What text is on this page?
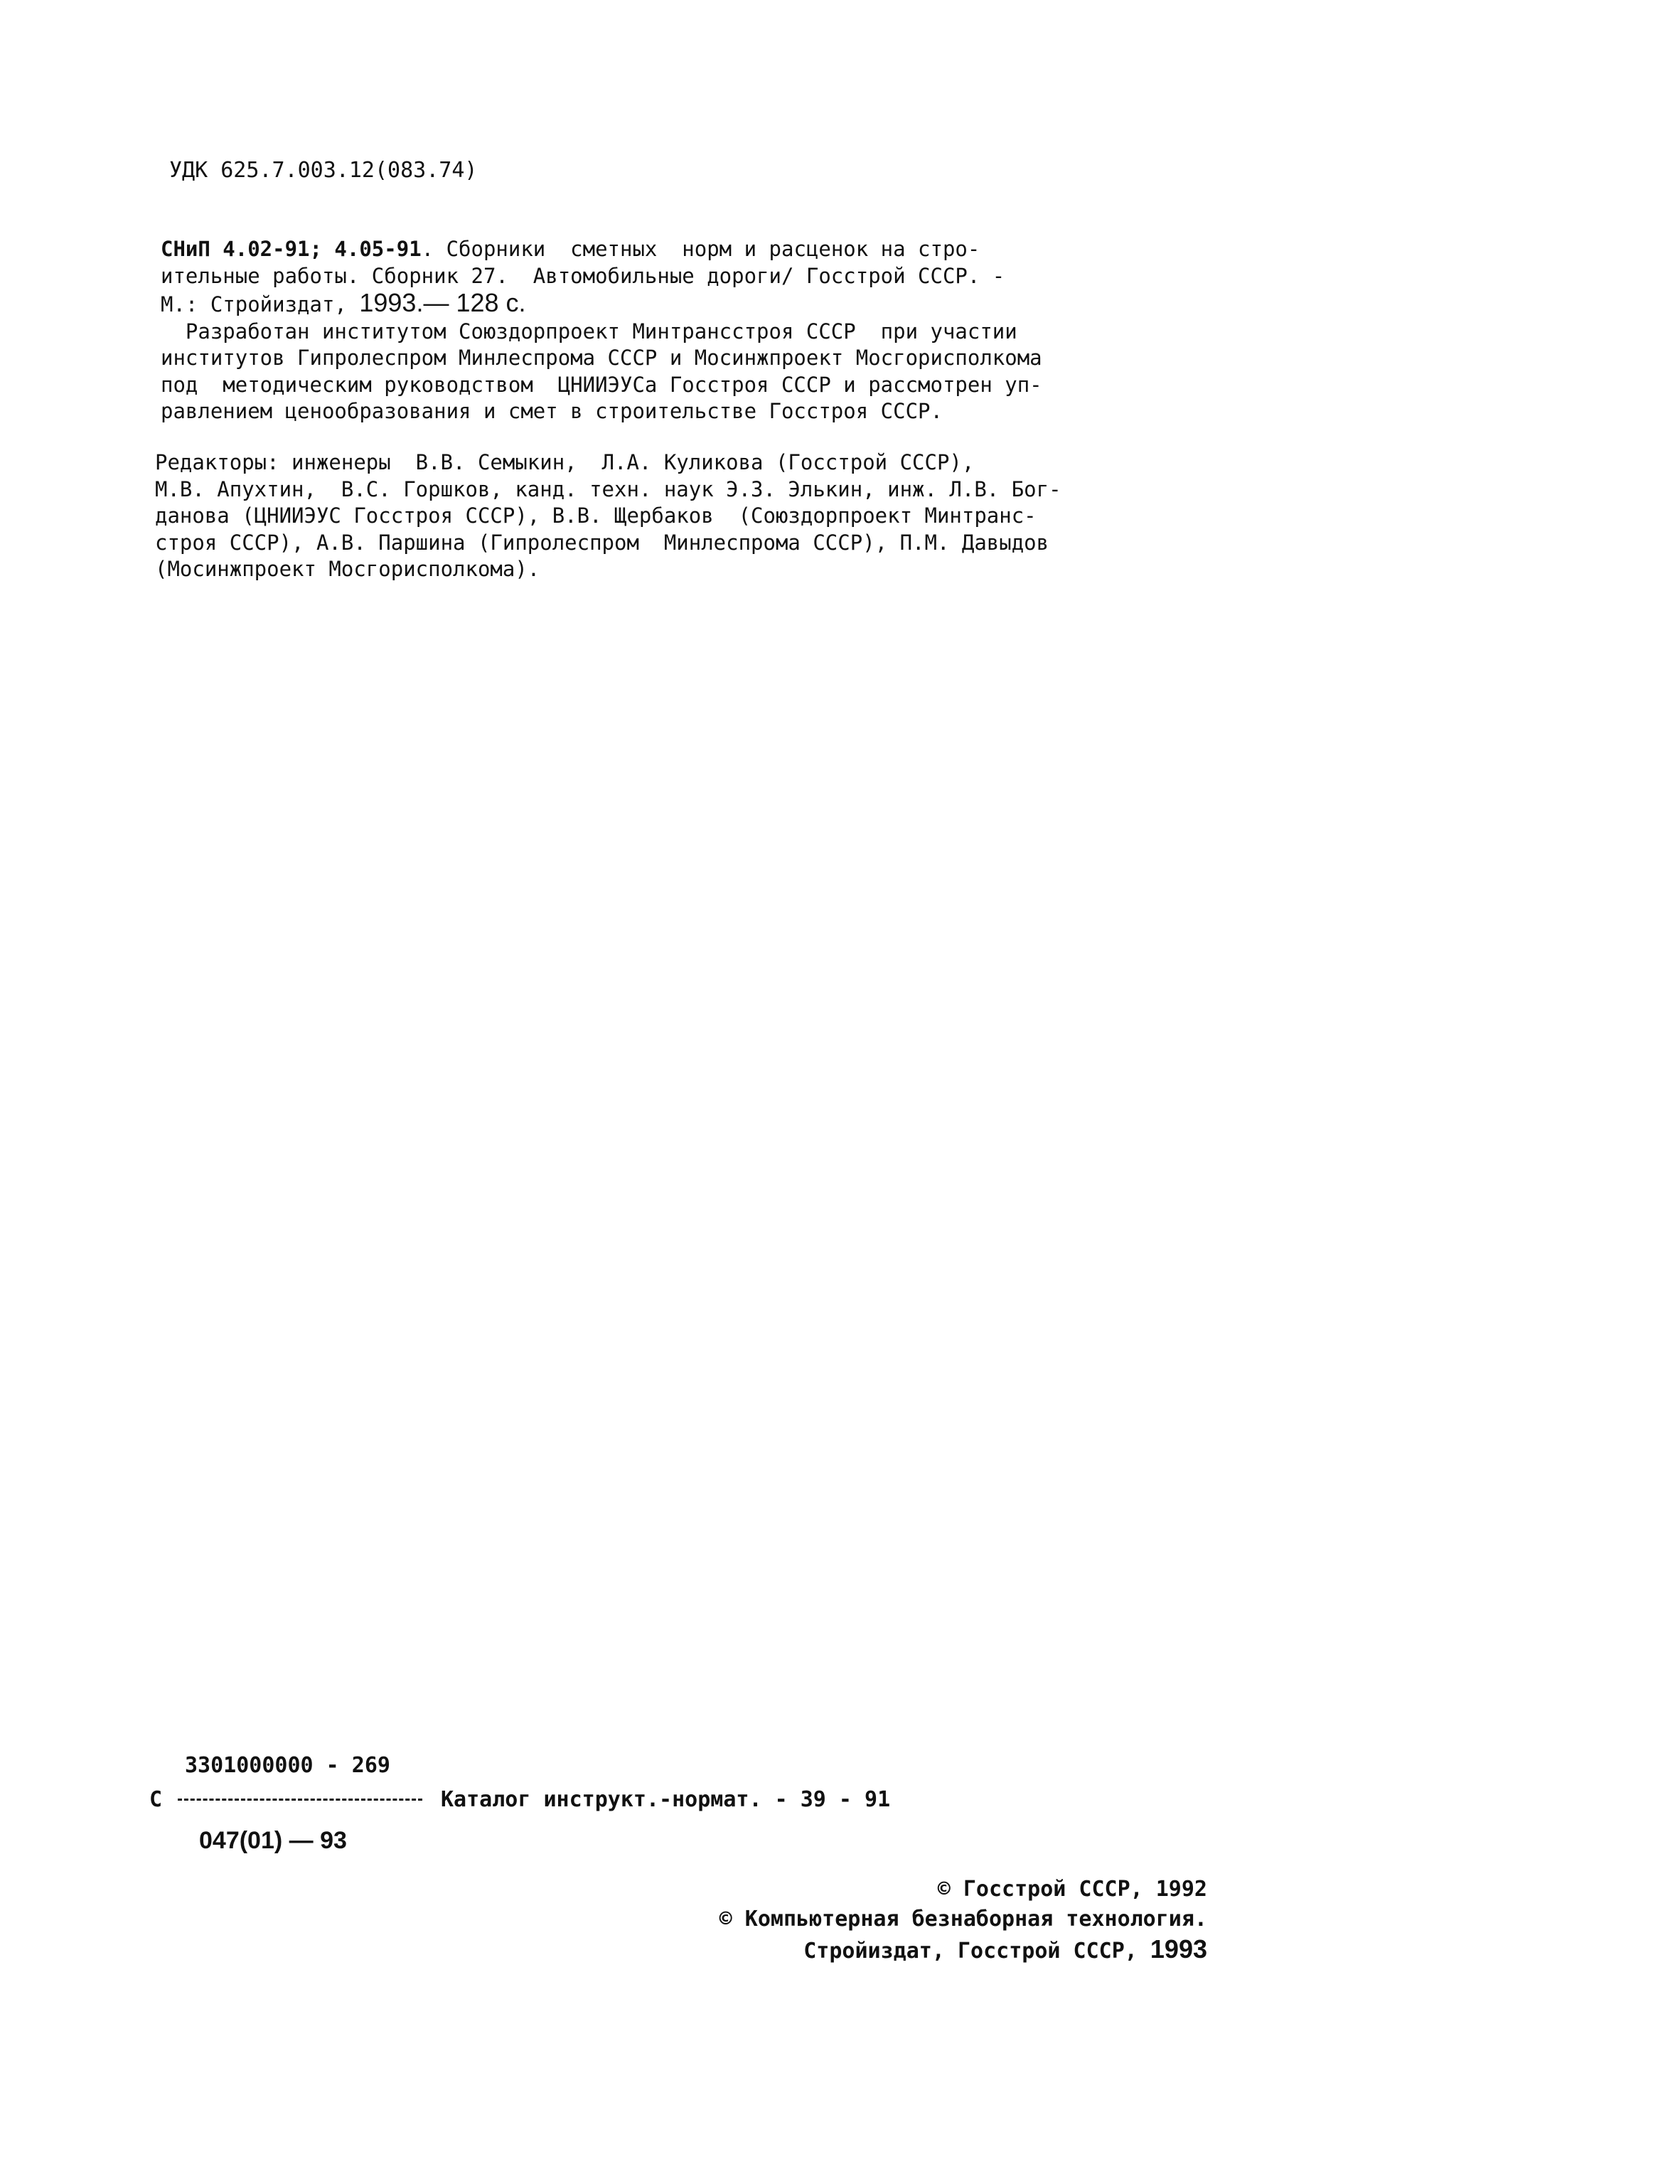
УДК 625.7.003.12(083.74)
СНиП 4.02-91; 4.05-91. Сборники  сметных  норм и расценок на стро-
ительные работы. Сборник 27.  Автомобильные дороги/ Госстрой СССР. -
М.: Стройиздат, 1993.— 128 с.
Разработан институтом Союздорпроект Минтрансстроя СССР  при участии
институтов Гипролеспром Минлеспрома СССР и Мосинжпроект Мосгорисполкома
под  методическим руководством  ЦНИИЭУСа Госстроя СССР и рассмотрен уп-
равлением ценообразования и смет в строительстве Госстроя СССР.
Редакторы: инженеры  В.В. Семыкин,  Л.А. Куликова (Госстрой СССР),
М.В. Апухтин,  В.С. Горшков, канд. техн. наук Э.З. Элькин, инж. Л.В. Бог-
данова (ЦНИИЭУС Госстроя СССР), В.В. Щербаков  (Союздорпроект Минтранс-
строя СССР), А.В. Паршина (Гипролеспром  Минлеспрома СССР), П.М. Давыдов
(Мосинжпроект Мосгорисполкома).
3301000000 - 269
С	Каталог инструкт.-нормат. - 39 - 91
047(01) — 93
© Госстрой СССР, 1992
© Компьютерная безнаборная технология.
Стройиздат, Госстрой СССР, 1993
